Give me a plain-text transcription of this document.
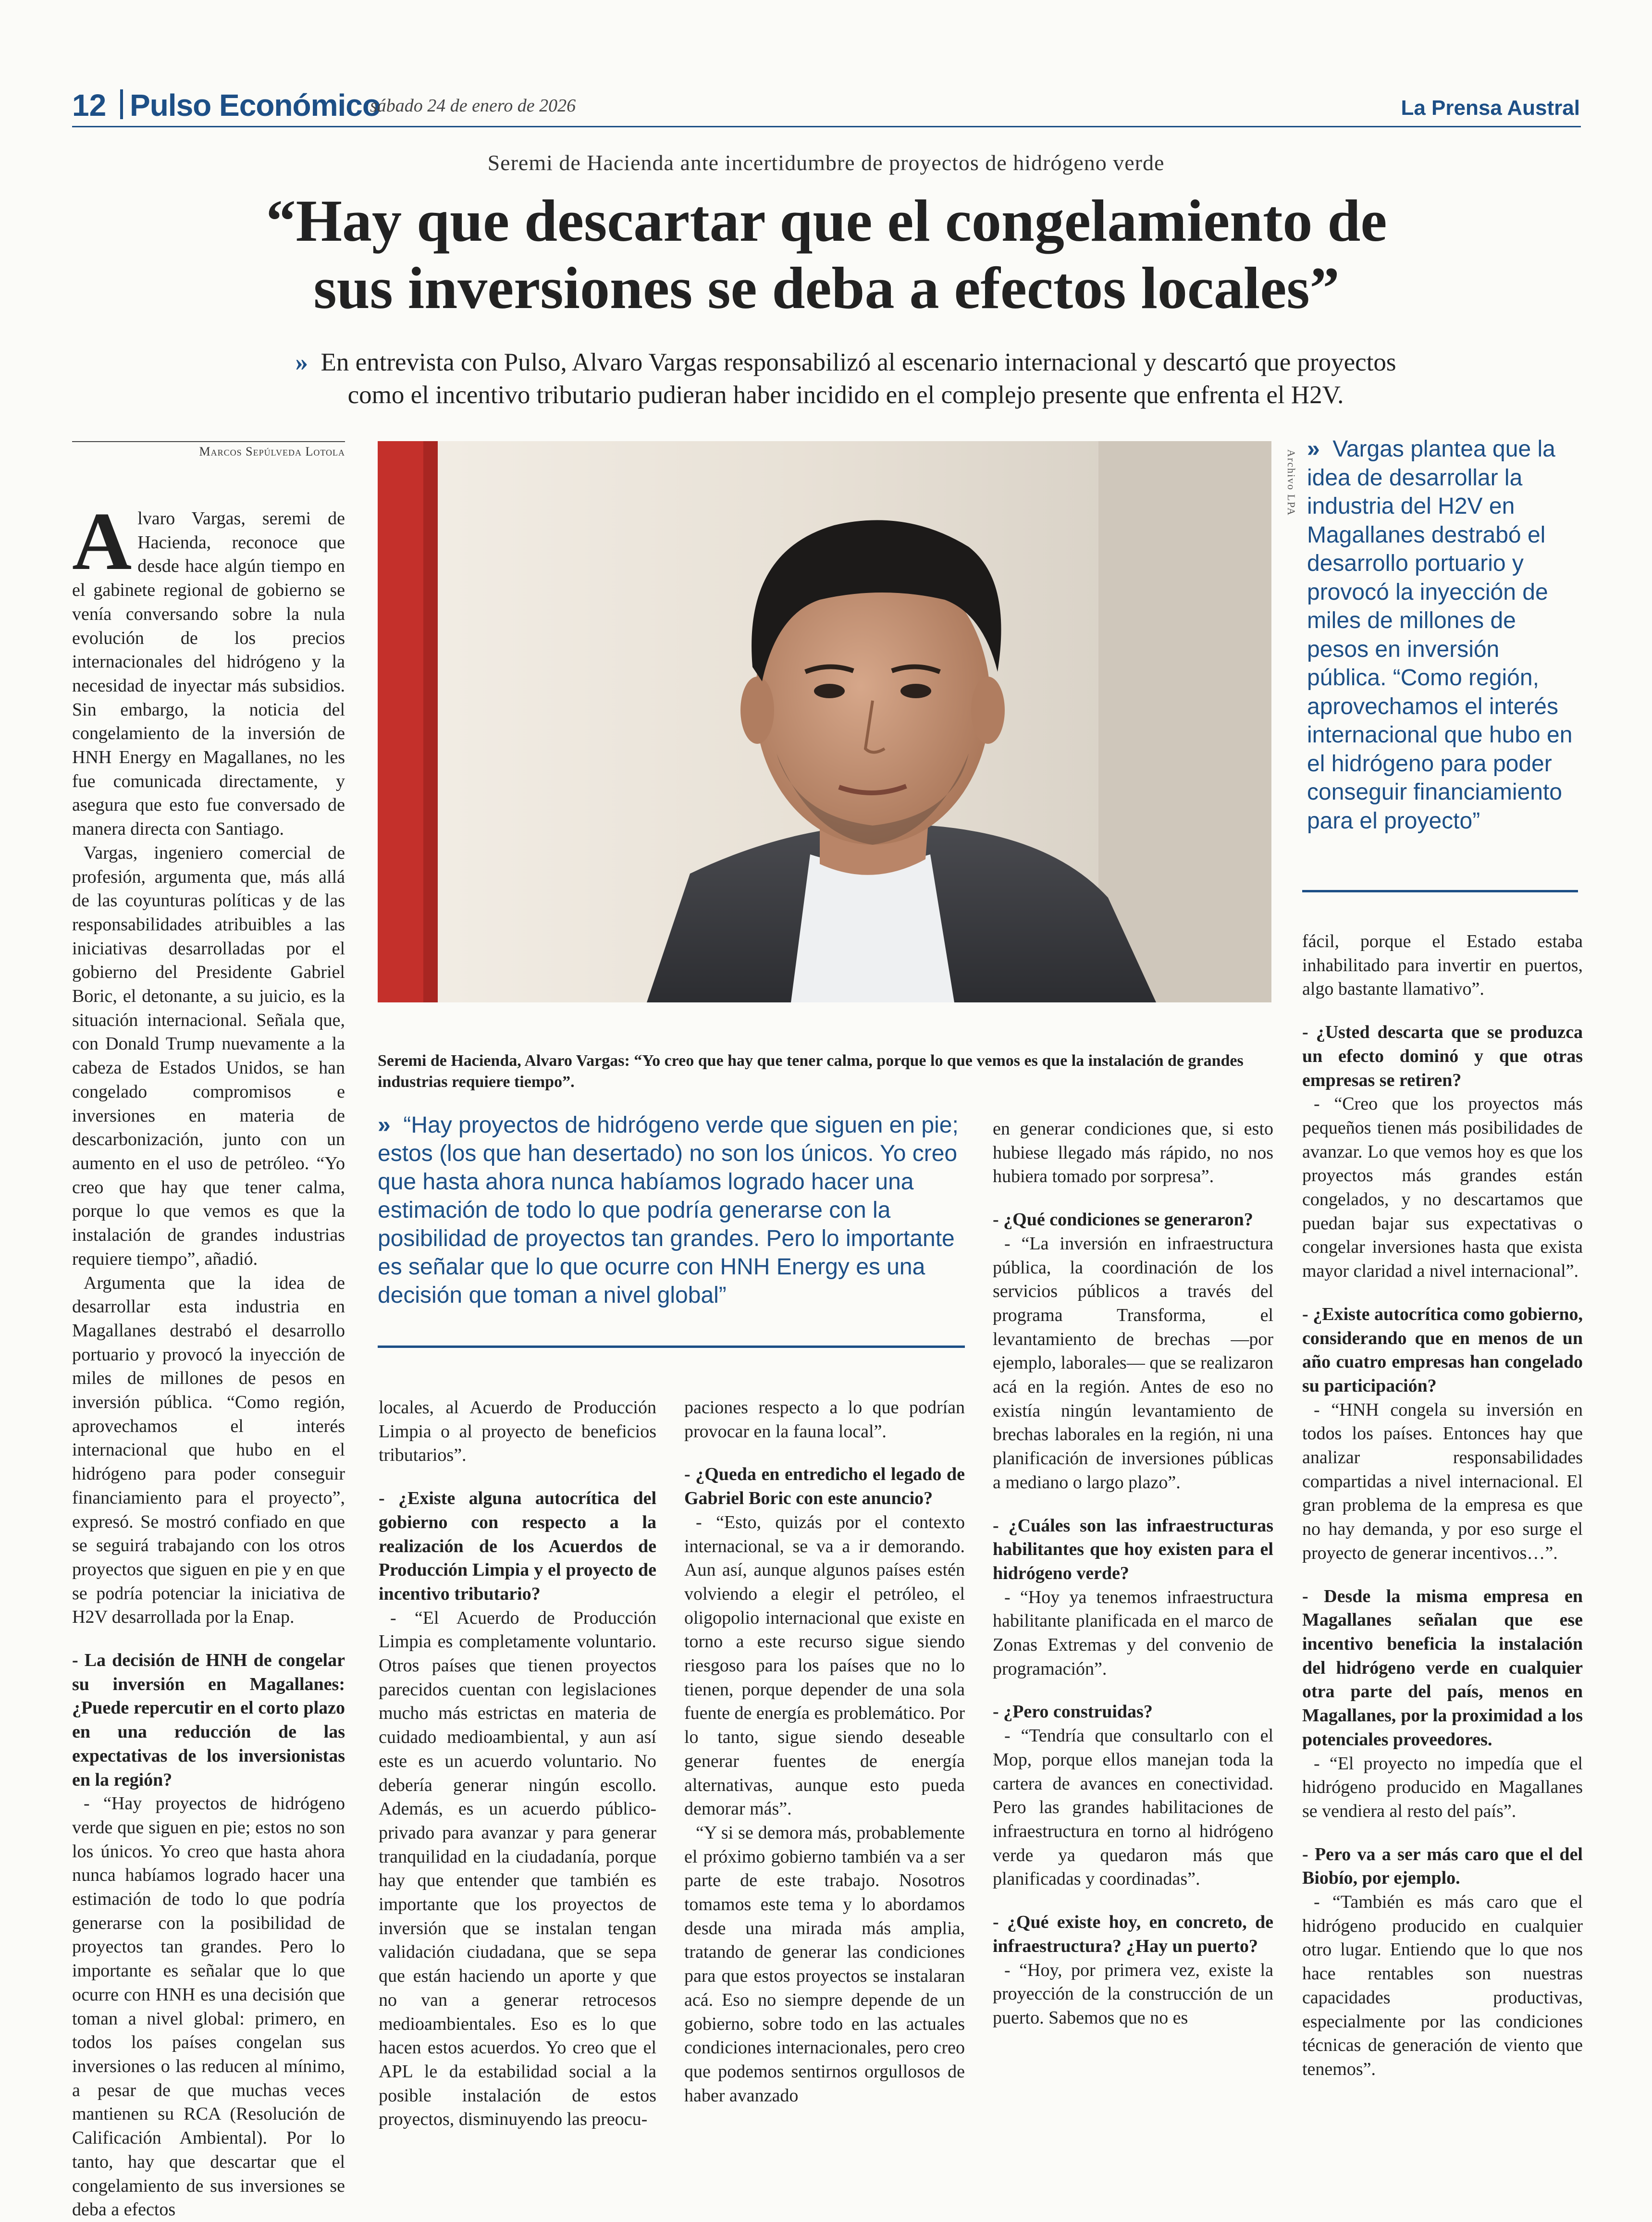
12 Pulso Económico
sábado 24 de enero de 2026	La Prensa Austral
Seremi de Hacienda ante incertidumbre de proyectos de hidrógeno verde
“Hay que descartar que el congelamiento de
sus inversiones se deba a efectos locales”
» En entrevista con Pulso, Alvaro Vargas responsabilizó al escenario internacional y descartó que proyectos
como el incentivo tributario pudieran haber incidido en el complejo presente que enfrenta el H2V.
Marcos Sepúlveda Lotola

Alvaro Vargas, seremi de Hacienda, reconoce que desde hace algún tiempo en el gabinete regional de gobierno se venía conversando sobre la nula evolución de los precios internacionales del hidrógeno y la necesidad de inyectar más subsidios. Sin embargo, la noticia del congelamiento de la inversión de HNH Energy en Magallanes, no les fue comunicada directamente, y asegura que esto fue conversado de manera directa con Santiago.

Vargas, ingeniero comercial de profesión, argumenta que, más allá de las coyunturas políticas y de las responsabilidades atribuibles a las iniciativas desarrolladas por el gobierno del Presidente Gabriel Boric, el detonante, a su juicio, es la situación internacional. Señala que, con Donald Trump nuevamente a la cabeza de Estados Unidos, se han congelado compromisos e inversiones en materia de descarbonización, junto con un aumento en el uso de petróleo. “Yo creo que hay que tener calma, porque lo que vemos es que la instalación de grandes industrias requiere tiempo”, añadió.

Argumenta que la idea de desarrollar esta industria en Magallanes destrabó el desarrollo portuario y provocó la inyección de miles de millones de pesos en inversión pública. “Como región, aprovechamos el interés internacional que hubo en el hidrógeno para poder conseguir financiamiento para el proyecto”, expresó. Se mostró confiado en que se seguirá trabajando con los otros proyectos que siguen en pie y en que se podría potenciar la iniciativa de H2V desarrollada por la Enap.

- La decisión de HNH de congelar su inversión en Magallanes: ¿Puede repercutir en el corto plazo en una reducción de las expectativas de los inversionistas en la región?

- “Hay proyectos de hidrógeno verde que siguen en pie; estos no son los únicos. Yo creo que hasta ahora nunca habíamos logrado hacer una estimación de todo lo que podría generarse con la posibilidad de proyectos tan grandes. Pero lo importante es señalar que lo que ocurre con HNH es una decisión que toman a nivel global: primero, en todos los países congelan sus inversiones o las reducen al mínimo, a pesar de que muchas veces mantienen su RCA (Resolución de Calificación Ambiental). Por lo tanto, hay que descartar que el congelamiento de sus inversiones se deba a efectos

Archivo LPA
Seremi de Hacienda, Alvaro Vargas: “Yo creo que hay que tener calma, porque lo que vemos es que la instalación de grandes industrias requiere tiempo”.
» “Hay proyectos de hidrógeno verde que siguen en pie; estos (los que han desertado) no son los únicos. Yo creo que hasta ahora nunca habíamos logrado hacer una estimación de todo lo que podría generarse con la posibilidad de proyectos tan grandes. Pero lo importante es señalar que lo que ocurre con HNH Energy es una decisión que toman a nivel global”
» Vargas plantea que la idea de desarrollar la industria del H2V en Magallanes destrabó el desarrollo portuario y provocó la inyección de miles de millones de pesos en inversión pública. “Como región, aprovechamos el interés internacional que hubo en el hidrógeno para poder conseguir financiamiento para el proyecto”

locales, al Acuerdo de Producción Limpia o al proyecto de beneficios tributarios”.

- ¿Existe alguna autocrítica del gobierno con respecto a la realización de los Acuerdos de Producción Limpia y el proyecto de incentivo tributario?

- “El Acuerdo de Producción Limpia es completamente voluntario. Otros países que tienen proyectos parecidos cuentan con legislaciones mucho más estrictas en materia de cuidado medioambiental, y aun así este es un acuerdo voluntario. No debería generar ningún escollo. Además, es un acuerdo público-privado para avanzar y para generar tranquilidad en la ciudadanía, porque hay que entender que también es importante que los proyectos de inversión que se instalan tengan validación ciudadana, que se sepa que están haciendo un aporte y que no van a generar retrocesos medioambientales. Eso es lo que hacen estos acuerdos. Yo creo que el APL le da estabilidad social a la posible instalación de estos proyectos, disminuyendo las preocu-

paciones respecto a lo que podrían provocar en la fauna local”.

- ¿Queda en entredicho el legado de Gabriel Boric con este anuncio?

- “Esto, quizás por el contexto internacional, se va a ir demorando. Aun así, aunque algunos países estén volviendo a elegir el petróleo, el oligopolio internacional que existe en torno a este recurso sigue siendo riesgoso para los países que no lo tienen, porque depender de una sola fuente de energía es problemático. Por lo tanto, sigue siendo deseable generar fuentes de energía alternativas, aunque esto pueda demorar más”.

“Y si se demora más, probablemente el próximo gobierno también va a ser parte de este trabajo. Nosotros tomamos este tema y lo abordamos desde una mirada más amplia, tratando de generar las condiciones para que estos proyectos se instalaran acá. Eso no siempre depende de un gobierno, sobre todo en las actuales condiciones internacionales, pero creo que podemos sentirnos orgullosos de haber avanzado

en generar condiciones que, si esto hubiese llegado más rápido, no nos hubiera tomado por sorpresa”.

- ¿Qué condiciones se generaron?

- “La inversión en infraestructura pública, la coordinación de los servicios públicos a través del programa Transforma, el levantamiento de brechas —por ejemplo, laborales— que se realizaron acá en la región. Antes de eso no existía ningún levantamiento de brechas laborales en la región, ni una planificación de inversiones públicas a mediano o largo plazo”.

- ¿Cuáles son las infraestructuras habilitantes que hoy existen para el hidrógeno verde?

- “Hoy ya tenemos infraestructura habilitante planificada en el marco de Zonas Extremas y del convenio de programación”.

- ¿Pero construidas?

- “Tendría que consultarlo con el Mop, porque ellos manejan toda la cartera de avances en conectividad. Pero las grandes habilitaciones de infraestructura en torno al hidrógeno verde ya quedaron más que planificadas y coordinadas”.

- ¿Qué existe hoy, en concreto, de infraestructura? ¿Hay un puerto?

- “Hoy, por primera vez, existe la proyección de la construcción de un puerto. Sabemos que no es

fácil, porque el Estado estaba inhabilitado para invertir en puertos, algo bastante llamativo”.

- ¿Usted descarta que se produzca un efecto dominó y que otras empresas se retiren?

- “Creo que los proyectos más pequeños tienen más posibilidades de avanzar. Lo que vemos hoy es que los proyectos más grandes están congelados, y no descartamos que puedan bajar sus expectativas o congelar inversiones hasta que exista mayor claridad a nivel internacional”.

- ¿Existe autocrítica como gobierno, considerando que en menos de un año cuatro empresas han congelado su participación?

- “HNH congela su inversión en todos los países. Entonces hay que analizar responsabilidades compartidas a nivel internacional. El gran problema de la empresa es que no hay demanda, y por eso surge el proyecto de generar incentivos…”.

- Desde la misma empresa en Magallanes señalan que ese incentivo beneficia la instalación del hidrógeno verde en cualquier otra parte del país, menos en Magallanes, por la proximidad a los potenciales proveedores.

- “El proyecto no impedía que el hidrógeno producido en Magallanes se vendiera al resto del país”.

- Pero va a ser más caro que el del Biobío, por ejemplo.

- “También es más caro que el hidrógeno producido en cualquier otro lugar. Entiendo que lo que nos hace rentables son nuestras capacidades productivas, especialmente por las condiciones técnicas de generación de viento que tenemos”.
